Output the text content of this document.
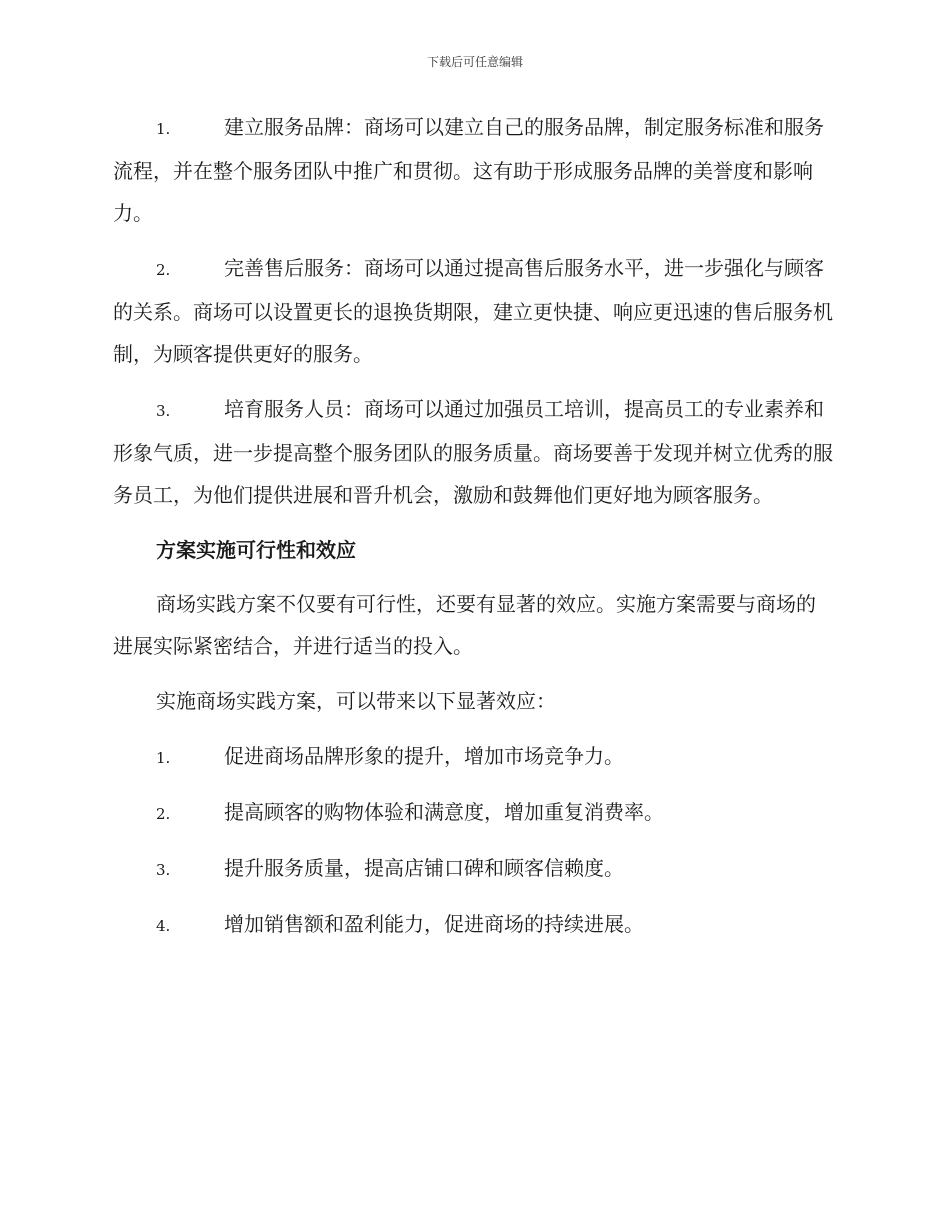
下载后可任意编辑
1.	建立服务品牌：商场可以建立自己的服务品牌，制定服务标准和服务流程，并在整个服务团队中推广和贯彻。这有助于形成服务品牌的美誉度和影响力。
2.	完善售后服务：商场可以通过提高售后服务水平，进一步强化与顾客的关系。商场可以设置更长的退换货期限，建立更快捷、响应更迅速的售后服务机制，为顾客提供更好的服务。
3.	培育服务人员：商场可以通过加强员工培训，提高员工的专业素养和形象气质，进一步提高整个服务团队的服务质量。商场要善于发现并树立优秀的服务员工，为他们提供进展和晋升机会，激励和鼓舞他们更好地为顾客服务。
方案实施可行性和效应
商场实践方案不仅要有可行性，还要有显著的效应。实施方案需要与商场的进展实际紧密结合，并进行适当的投入。
实施商场实践方案，可以带来以下显著效应：
1.	促进商场品牌形象的提升，增加市场竞争力。
2.	提高顾客的购物体验和满意度，增加重复消费率。
3.	提升服务质量，提高店铺口碑和顾客信赖度。
4.	增加销售额和盈利能力，促进商场的持续进展。
